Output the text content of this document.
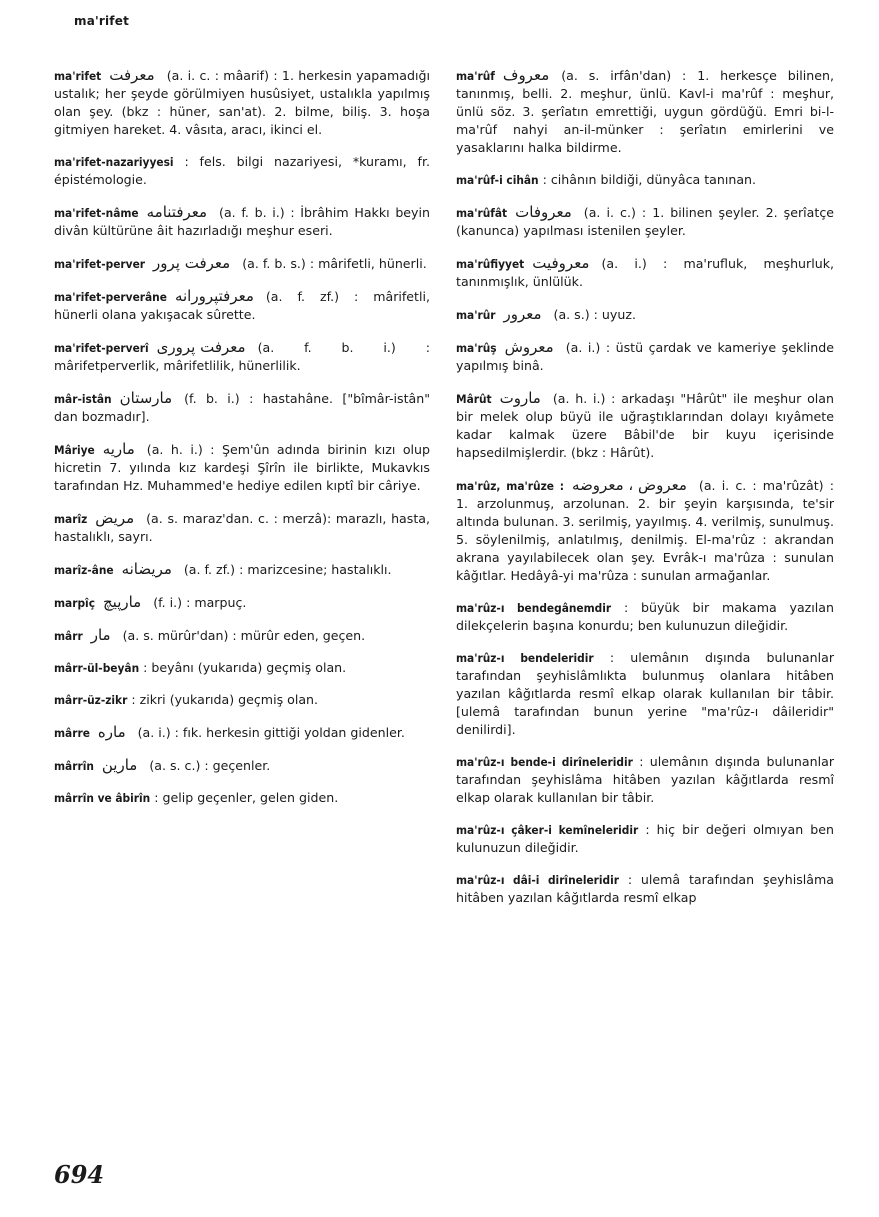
ma'rifet
ma'rifet معرفت (a. i. c. : mâarif) : 1. herkesin yapamadığı ustalık; her şeyde görülmiyen husûsiyet, ustalıkla yapılmış olan şey. (bkz : hüner, san'at). 2. bilme, biliş. 3. hoşa gitmiyen hareket. 4. vâsıta, aracı, ikinci el.
ma'rifet-nazariyyesi : fels. bilgi nazariyesi, *kuramı, fr. épistémologie.
ma'rifet-nâme معرفتنامه (a. f. b. i.) : İbrâhim Hakkı beyin divân kültürüne âit hazırladığı meşhur eseri.
ma'rifet-perver معرفت پرور (a. f. b. s.) : mârifetli, hünerli.
ma'rifet-perverâne معرفتپرورانه (a. f. zf.) : mârifetli, hünerli olana yakışacak sûrette.
ma'rifet-perverî معرفت پروری (a. f. b. i.) : mârifetperverlik, mârifetlilik, hünerlilik.
mâr-istân مارستان (f. b. i.) : hastahâne. ["bîmâr-istân" dan bozmadır].
Mâriye ماريه (a. h. i.) : Şem'ûn adında birinin kızı olup hicretin 7. yılında kız kardeşi Şîrîn ile birlikte, Mukavkıs tarafından Hz. Muhammed'e hediye edilen kıptî bir câriye.
marîz مريض (a. s. maraz'dan. c. : merzâ): marazlı, hasta, hastalıklı, sayrı.
marîz-âne مريضانه (a. f. zf.) : marizcesine; hastalıklı.
marpîç مارپيچ (f. i.) : marpuç.
mârr مار (a. s. mürûr'dan) : mürûr eden, geçen.
mârr-ül-beyân : beyânı (yukarıda) geçmiş olan.
mârr-üz-zikr : zikri (yukarıda) geçmiş olan.
mârre ماره (a. i.) : fık. herkesin gittiği yoldan gidenler.
mârrîn مارين (a. s. c.) : geçenler.
mârrîn ve âbirîn : gelip geçenler, gelen giden.
ma'rûf معروف (a. s. irfân'dan) : 1. herkesçe bilinen, tanınmış, belli. 2. meşhur, ünlü. Kavl-i ma'rûf : meşhur, ünlü söz. 3. şerîatın emrettiği, uygun gördüğü. Emri bi-l-ma'rûf nahyi an-il-münker : şerîatın emirlerini ve yasaklarını halka bildirme.
ma'rûf-i cihân : cihânın bildiği, dünyâca tanınan.
ma'rûfât معروفات (a. i. c.) : 1. bilinen şeyler. 2. şerîatçe (kanunca) yapılması istenilen şeyler.
ma'rûfiyyet معروفيت (a. i.) : ma'rufluk, meşhurluk, tanınmışlık, ünlülük.
ma'rûr معرور (a. s.) : uyuz.
ma'rûş معروش (a. i.) : üstü çardak ve kameriye şeklinde yapılmış binâ.
Mârût ماروت (a. h. i.) : arkadaşı "Hârût" ile meşhur olan bir melek olup büyü ile uğraştıklarından dolayı kıyâmete kadar kalmak üzere Bâbil'de bir kuyu içerisinde hapsedilmişlerdir. (bkz : Hârût).
ma'rûz, ma'rûze : معروض ، معروضه (a. i. c. : ma'rûzât) : 1. arzolunmuş, arzolunan. 2. bir şeyin karşısında, te'sir altında bulunan. 3. serilmiş, yayılmış. 4. verilmiş, sunulmuş. 5. söylenilmiş, anlatılmış, denilmiş. El-ma'rûz : akrandan akrana yayılabilecek olan şey. Evrâk-ı ma'rûza : sunulan kâğıtlar. Hedâyâ-yi ma'rûza : sunulan armağanlar.
ma'rûz-ı bendegânemdir : büyük bir makama yazılan dilekçelerin başına konurdu; ben kulunuzun dileğidir.
ma'rûz-ı bendeleridir : ulemânın dışında bulunanlar tarafından şeyhislâmlıkta bulunmuş olanlara hitâben yazılan kâğıtlarda resmî elkap olarak kullanılan bir tâbir. [ulemâ tarafından bunun yerine "ma'rûz-ı dâileridir" denilirdi].
ma'rûz-ı bende-i dirîneleridir : ulemânın dışında bulunanlar tarafından şeyhislâma hitâben yazılan kâğıtlarda resmî elkap olarak kullanılan bir tâbir.
ma'rûz-ı çâker-i kemîneleridir : hiç bir değeri olmıyan ben kulunuzun dileğidir.
ma'rûz-ı dâi-i dirîneleridir : ulemâ tarafından şeyhislâma hitâben yazılan kâğıtlarda resmî elkap
694
